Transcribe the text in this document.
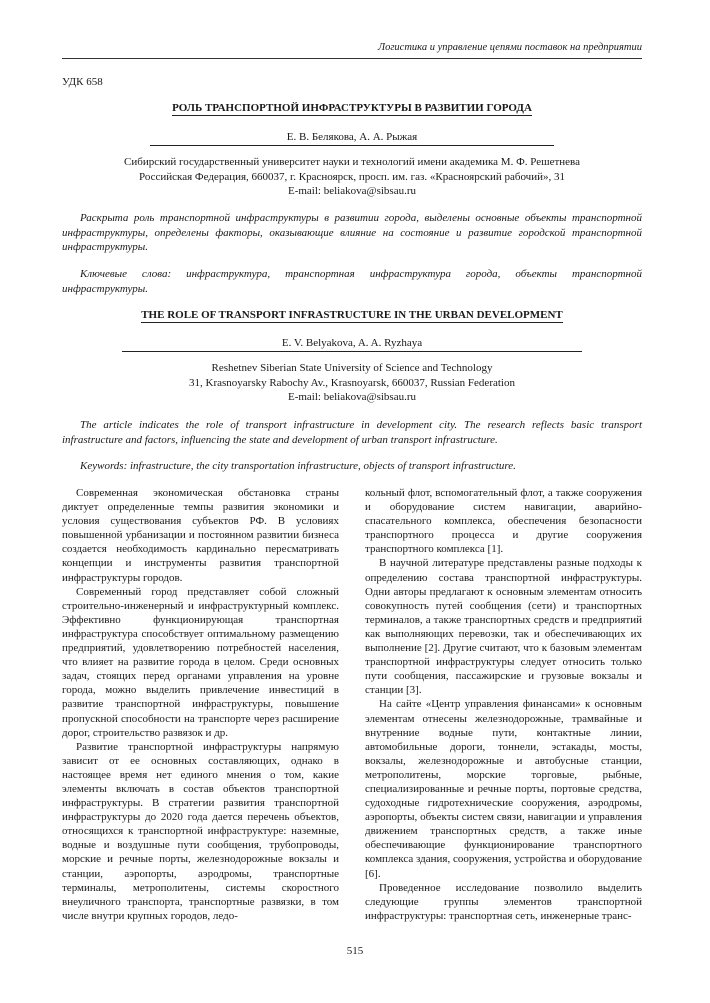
Логистика и управление цепями поставок на предприятии
УДК 658
РОЛЬ ТРАНСПОРТНОЙ ИНФРАСТРУКТУРЫ В РАЗВИТИИ ГОРОДА
Е. В. Белякова, А. А. Рыжая
Сибирский государственный университет науки и технологий имени академика М. Ф. Решетнева
Российская Федерация, 660037, г. Красноярск, просп. им. газ. «Красноярский рабочий», 31
E-mail: beliakova@sibsau.ru
Раскрыта роль транспортной инфраструктуры в развитии города, выделены основные объекты транспортной инфраструктуры, определены факторы, оказывающие влияние на состояние и развитие городской транспортной инфраструктуры.
Ключевые слова: инфраструктура, транспортная инфраструктура города, объекты транспортной инфраструктуры.
THE ROLE OF TRANSPORT INFRASTRUCTURE IN THE URBAN DEVELOPMENT
E. V. Belyakova, A. A. Ryzhaya
Reshetnev Siberian State University of Science and Technology
31, Krasnoyarsky Rabochy Av., Krasnoyarsk, 660037, Russian Federation
E-mail: beliakova@sibsau.ru
The article indicates the role of transport infrastructure in development city. The research reflects basic transport infrastructure and factors, influencing the state and development of urban transport infrastructure.
Keywords: infrastructure, the city transportation infrastructure, objects of transport infrastructure.

Современная экономическая обстановка страны диктует определенные темпы развития экономики и условия существования субъектов РФ. В условиях повышенной урбанизации и постоянном развитии бизнеса создается необходимость кардинально пересматривать концепции и инструменты развития транспортной инфраструктуры городов.

Современный город представляет собой сложный строительно-инженерный и инфраструктурный комплекс. Эффективно функционирующая транспортная инфраструктура способствует оптимальному размещению предприятий, удовлетворению потребностей населения, что влияет на развитие города в целом. Среди основных задач, стоящих перед органами управления на уровне города, можно выделить привлечение инвестиций в развитие транспортной инфраструктуры, повышение пропускной способности на транспорте через расширение дорог, строительство развязок и др.

Развитие транспортной инфраструктуры напрямую зависит от ее основных составляющих, однако в настоящее время нет единого мнения о том, какие элементы включать в состав объектов транспортной инфраструктуры. В стратегии развития транспортной инфраструктуры до 2020 года дается перечень объектов, относящихся к транспортной инфраструктуре: наземные, водные и воздушные пути сообщения, трубопроводы, морские и речные порты, железнодорожные вокзалы и станции, аэропорты, аэродромы, транспортные терминалы, метрополитены, системы скоростного внеуличного транспорта, транспортные развязки, в том числе внутри крупных городов, ледо-

кольный флот, вспомогательный флот, а также сооружения и оборудование систем навигации, аварийно-спасательного комплекса, обеспечения безопасности транспортного процесса и другие сооружения транспортного комплекса [1].

В научной литературе представлены разные подходы к определению состава транспортной инфраструктуры. Одни авторы предлагают к основным элементам относить совокупность путей сообщения (сети) и транспортных терминалов, а также транспортных средств и предприятий как выполняющих перевозки, так и обеспечивающих их выполнение [2]. Другие считают, что к базовым элементам транспортной инфраструктуры следует относить только пути сообщения, пассажирские и грузовые вокзалы и станции [3].

На сайте «Центр управления финансами» к основным элементам отнесены железнодорожные, трамвайные и внутренние водные пути, контактные линии, автомобильные дороги, тоннели, эстакады, мосты, вокзалы, железнодорожные и автобусные станции, метрополитены, морские торговые, рыбные, специализированные и речные порты, портовые средства, судоходные гидротехнические сооружения, аэродромы, аэропорты, объекты систем связи, навигации и управления движением транспортных средств, а также иные обеспечивающие функционирование транспортного комплекса здания, сооружения, устройства и оборудование [6].

Проведенное исследование позволило выделить следующие группы элементов транспортной инфраструктуры: транспортная сеть, инженерные транс-

515
